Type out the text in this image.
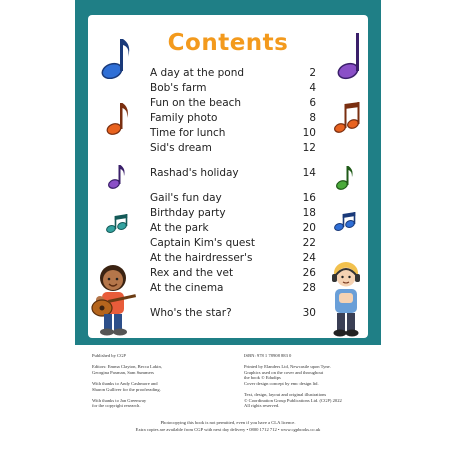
Contents
A day at the pond	2
Bob's farm	4
Fun on the beach	6
Family photo	8
Time for lunch	10
Sid's dream	12
Rashad's holiday	14
Gail's fun day	16
Birthday party	18
At the park	20
Captain Kim's quest	22
At the hairdresser's	24
Rex and the vet	26
At the cinema	28
Who's the star?	30
Published by CGP
Editors: Emma Clayton, Becca Lakin,
Georgina Paxman, Sam Summers
With thanks to Andy Cashmore and
Sharon Gulliver for the proofreading.
With thanks to Jan Greenway
for the copyright research.
ISBN: 978 1 78908 883 0
Printed by Elanders Ltd, Newcastle upon Tyne.
Graphics used on the cover and throughout
the book © Edudips
Cover design concept by emc design ltd.
Text, design, layout and original illustrations
© Coordination Group Publications Ltd. (CGP) 2022
All rights reserved.
Photocopying this book is not permitted, even if you have a CLA licence.
Extra copies are available from CGP with next day delivery • 0800 1712 712 • www.cgpbooks.co.uk
